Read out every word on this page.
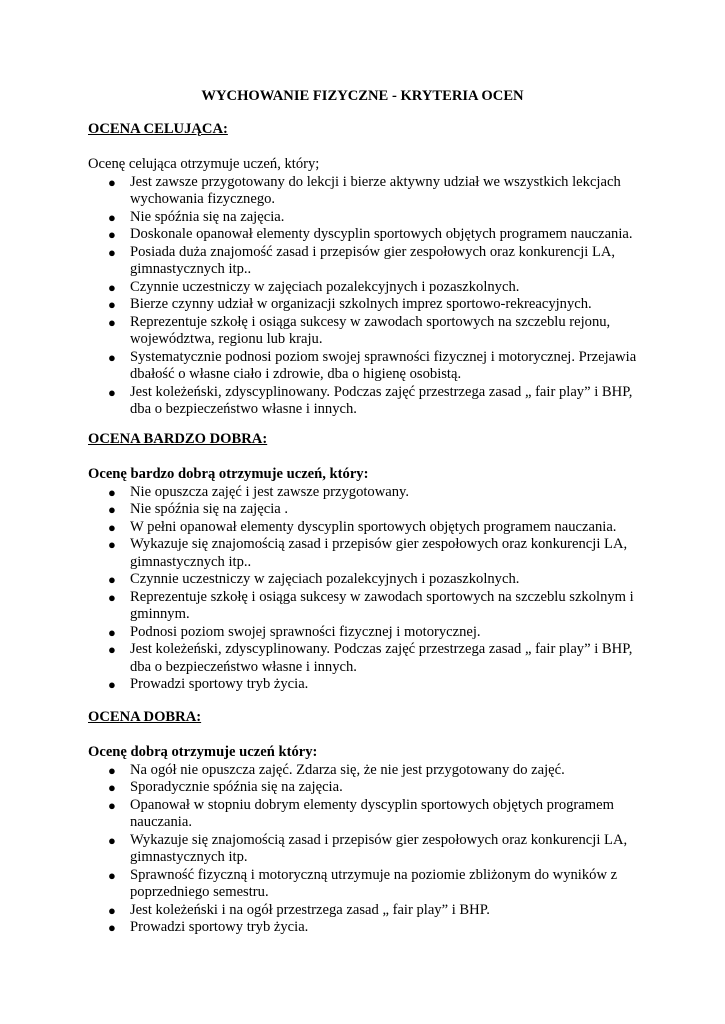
WYCHOWANIE FIZYCZNE - KRYTERIA OCEN

OCENA CELUJĄCA:

Ocenę celująca otrzymuje uczeń, który;

● Jest zawsze przygotowany do lekcji i bierze aktywny udział we wszystkich lekcjach wychowania fizycznego.
● Nie spóźnia się na zajęcia.
● Doskonale opanował elementy dyscyplin sportowych objętych programem nauczania.
● Posiada duża znajomość zasad i przepisów gier zespołowych oraz konkurencji LA, gimnastycznych itp..
● Czynnie uczestniczy w zajęciach pozalekcyjnych i pozaszkolnych.
● Bierze czynny udział w organizacji szkolnych imprez sportowo-rekreacyjnych.
● Reprezentuje szkołę i osiąga sukcesy w zawodach sportowych na szczeblu rejonu, województwa, regionu lub kraju.
● Systematycznie podnosi poziom swojej sprawności fizycznej i motorycznej. Przejawia dbałość o własne ciało i zdrowie, dba o higienę osobistą.
● Jest koleżeński, zdyscyplinowany. Podczas zajęć przestrzega zasad „ fair play” i BHP, dba o bezpieczeństwo własne i innych.

OCENA BARDZO DOBRA:

Ocenę bardzo dobrą otrzymuje uczeń, który:

● Nie opuszcza zajęć i jest zawsze przygotowany.
● Nie spóźnia się na zajęcia .
● W pełni opanował elementy dyscyplin sportowych objętych programem nauczania.
● Wykazuje się znajomością zasad i przepisów gier zespołowych oraz konkurencji LA, gimnastycznych itp..
● Czynnie uczestniczy w zajęciach pozalekcyjnych i pozaszkolnych.
● Reprezentuje szkołę i osiąga sukcesy w zawodach sportowych na szczeblu szkolnym i gminnym.
● Podnosi poziom swojej sprawności fizycznej i motorycznej.
● Jest koleżeński, zdyscyplinowany. Podczas zajęć przestrzega zasad „ fair play” i BHP, dba o bezpieczeństwo własne i innych.
● Prowadzi sportowy tryb życia.

OCENA DOBRA:

Ocenę dobrą otrzymuje uczeń który:

● Na ogół nie opuszcza zajęć. Zdarza się, że nie jest przygotowany do zajęć.
● Sporadycznie spóźnia się na zajęcia.
● Opanował w stopniu dobrym elementy dyscyplin sportowych objętych programem nauczania.
● Wykazuje się znajomością zasad i przepisów gier zespołowych oraz konkurencji LA, gimnastycznych itp.
● Sprawność fizyczną i motoryczną utrzymuje na poziomie zbliżonym do wyników z poprzedniego semestru.
● Jest koleżeński i na ogół przestrzega zasad „ fair play” i BHP.
● Prowadzi sportowy tryb życia.
